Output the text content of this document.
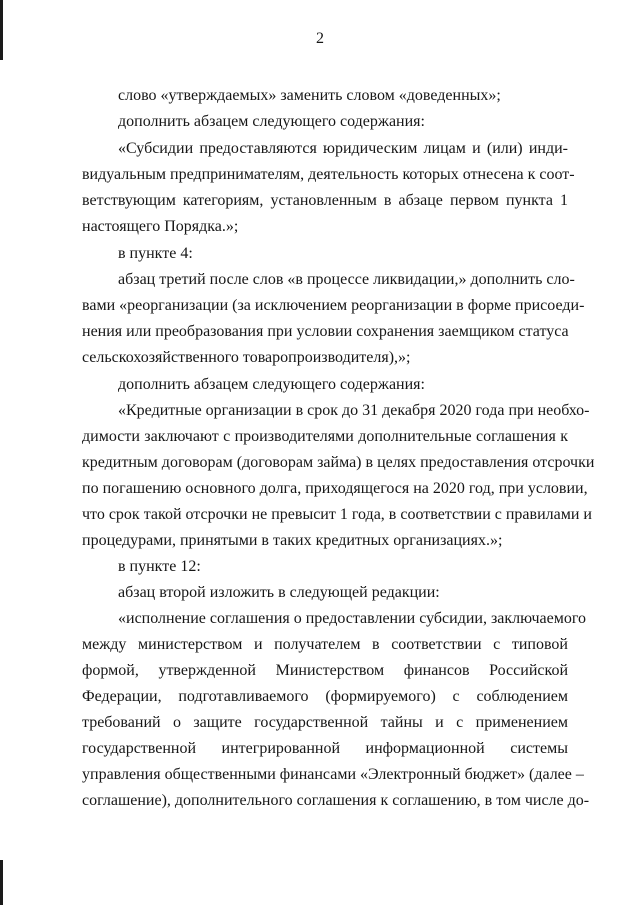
2
слово «утверждаемых» заменить словом «доведенных»;
дополнить абзацем следующего содержания:
«Субсидии предоставляются юридическим лицам и (или) инди-
видуальным предпринимателям, деятельность которых отнесена к соот-
ветствующим категориям, установленным в абзаце первом пункта 1
настоящего Порядка.»;
в пункте 4:
абзац третий после слов «в процессе ликвидации,» дополнить сло-
вами «реорганизации (за исключением реорганизации в форме присоеди-
нения или преобразования при условии сохранения заемщиком статуса
сельскохозяйственного товаропроизводителя),»;
дополнить абзацем следующего содержания:
«Кредитные организации в срок до 31 декабря 2020 года при необхо-
димости заключают с производителями дополнительные соглашения к
кредитным договорам (договорам займа) в целях предоставления отсрочки
по погашению основного долга, приходящегося на 2020 год, при условии,
что срок такой отсрочки не превысит 1 года, в соответствии с правилами и
процедурами, принятыми в таких кредитных организациях.»;
в пункте 12:
абзац второй изложить в следующей редакции:
«исполнение соглашения о предоставлении субсидии, заключаемого
между министерством и получателем в соответствии с типовой
формой, утвержденной Министерством финансов Российской
Федерации, подготавливаемого (формируемого) с соблюдением
требований о защите государственной тайны и с применением
государственной интегрированной информационной системы
управления общественными финансами «Электронный бюджет» (далее –
соглашение), дополнительного соглашения к соглашению, в том числе до-
